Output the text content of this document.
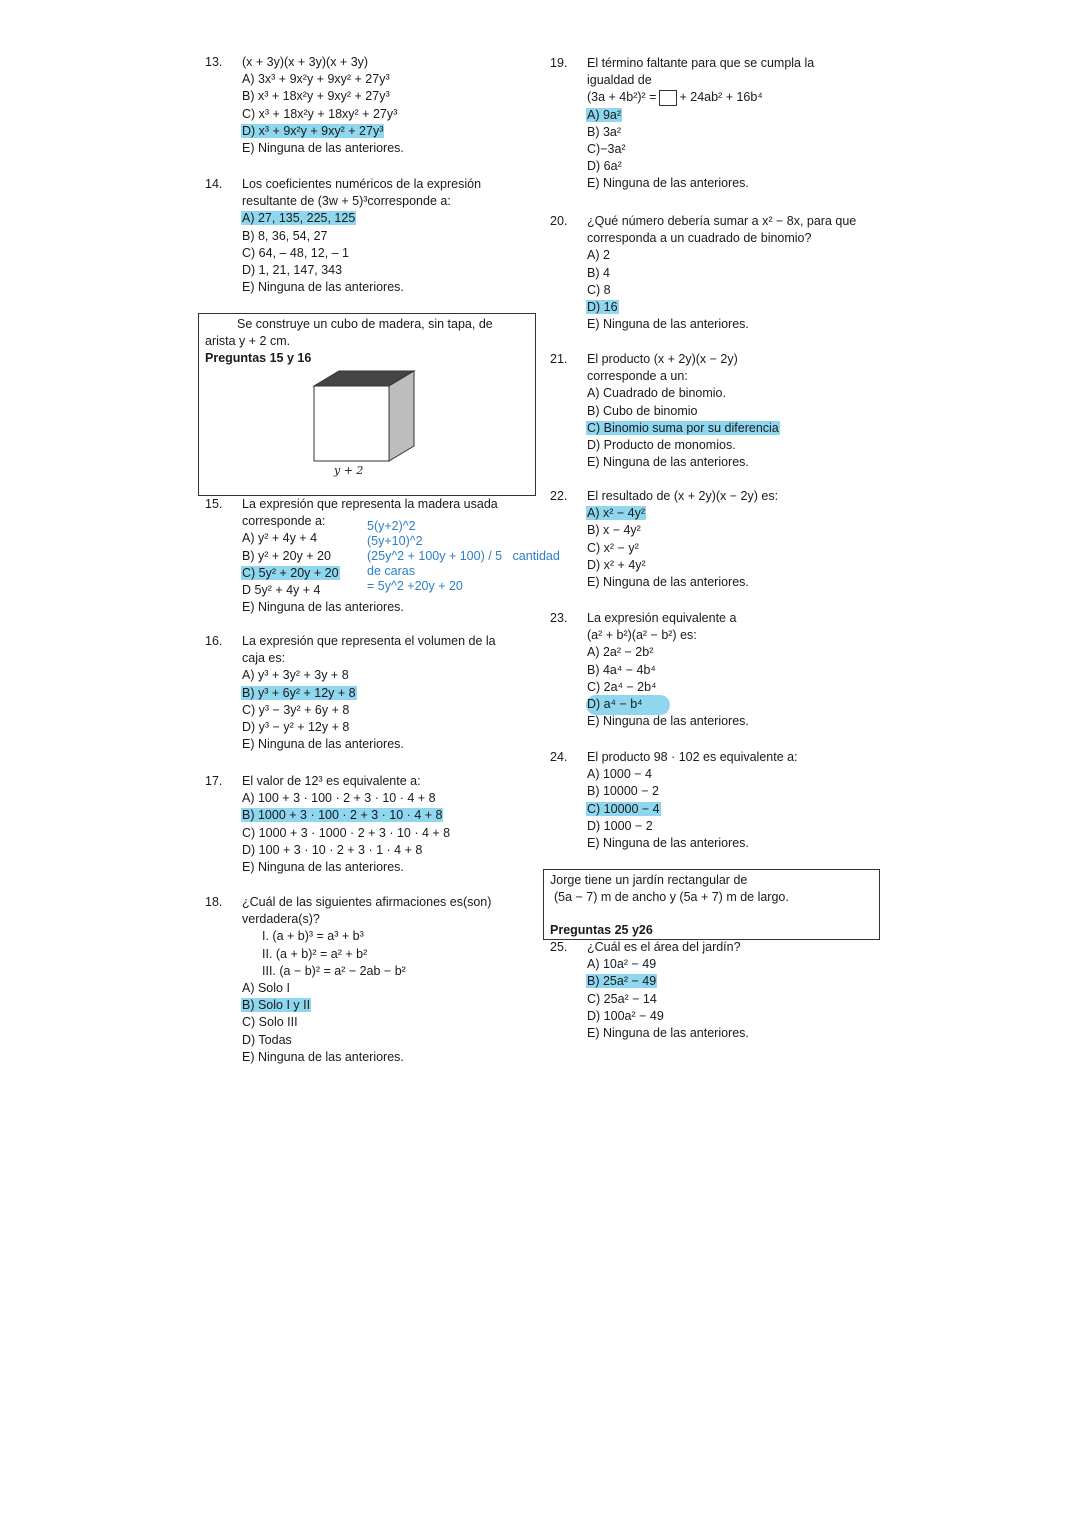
Se construye un cubo de madera, sin tapa, de
arista y + 2 cm.
Preguntas 15 y 16
y + 2
Jorge tiene un jardín rectangular de
(5a − 7) m de ancho y (5a + 7) m de largo.
Preguntas 25 y26
5(y+2)^2
(5y+10)^2
(25y^2 + 100y + 100) / 5   cantidad
de caras
= 5y^2 +20y + 20
13. (x + 3y)(x + 3y)(x + 3y)
A) 3x³ + 9x²y + 9xy² + 27y³
B) x³ + 18x²y + 9xy² + 27y³
C) x³ + 18x²y + 18xy² + 27y³
D) x³ + 9x²y + 9xy² + 27y³
E) Ninguna de las anteriores.
14. Los coeficientes numéricos de la expresión
resultante de (3w + 5)³corresponde a:
A) 27, 135, 225, 125
B) 8, 36, 54, 27
C) 64, – 48, 12, – 1
D) 1, 21, 147, 343
E) Ninguna de las anteriores.
15. La expresión que representa la madera usada
corresponde a:
A) y² + 4y + 4
B) y² + 20y + 20
C) 5y² + 20y + 20
D 5y² + 4y + 4
E) Ninguna de las anteriores.
16. La expresión que representa el volumen de la
caja es:
A) y³ + 3y² + 3y + 8
B) y³ + 6y² + 12y + 8
C) y³ − 3y² + 6y + 8
D) y³ − y² + 12y + 8
E) Ninguna de las anteriores.
17. El valor de 12³ es equivalente a:
A) 100 + 3 · 100 · 2 + 3 · 10 · 4 + 8
B) 1000 + 3 · 100 · 2 + 3 · 10 · 4 + 8
C) 1000 + 3 · 1000 · 2 + 3 · 10 · 4 + 8
D) 100 + 3 · 10 · 2 + 3 · 1 · 4 + 8
E) Ninguna de las anteriores.
18. ¿Cuál de las siguientes afirmaciones es(son)
verdadera(s)?
I. (a + b)³ = a³ + b³
II. (a + b)² = a² + b²
III. (a − b)² = a² − 2ab − b²
A) Solo I
B) Solo I y II
C) Solo III
D) Todas
E) Ninguna de las anteriores.
19. El término faltante para que se cumpla la
igualdad de
(3a + 4b²)² = + 24ab² + 16b⁴
A) 9a²
B) 3a²
C)−3a²
D) 6a²
E) Ninguna de las anteriores.
20. ¿Qué número debería sumar a x² − 8x, para que
corresponda a un cuadrado de binomio?
A) 2
B) 4
C) 8
D) 16
E) Ninguna de las anteriores.
21. El producto (x + 2y)(x − 2y)
corresponde a un:
A) Cuadrado de binomio.
B) Cubo de binomio
C) Binomio suma por su diferencia
D) Producto de monomios.
E) Ninguna de las anteriores.
22. El resultado de (x + 2y)(x − 2y) es:
A) x² − 4y²
B) x − 4y²
C) x² − y²
D) x² + 4y²
E) Ninguna de las anteriores.
23. La expresión equivalente a
(a² + b²)(a² − b²) es:
A) 2a² − 2b²
B) 4a⁴ − 4b⁴
C) 2a⁴ − 2b⁴
D) a⁴ − b⁴
E) Ninguna de las anteriores.
24. El producto 98 · 102 es equivalente a:
A) 1000 − 4
B) 10000 − 2
C) 10000 − 4
D) 1000 − 2
E) Ninguna de las anteriores.
25. ¿Cuál es el área del jardín?
A) 10a² − 49
B) 25a² − 49
C) 25a² − 14
D) 100a² − 49
E) Ninguna de las anteriores.
